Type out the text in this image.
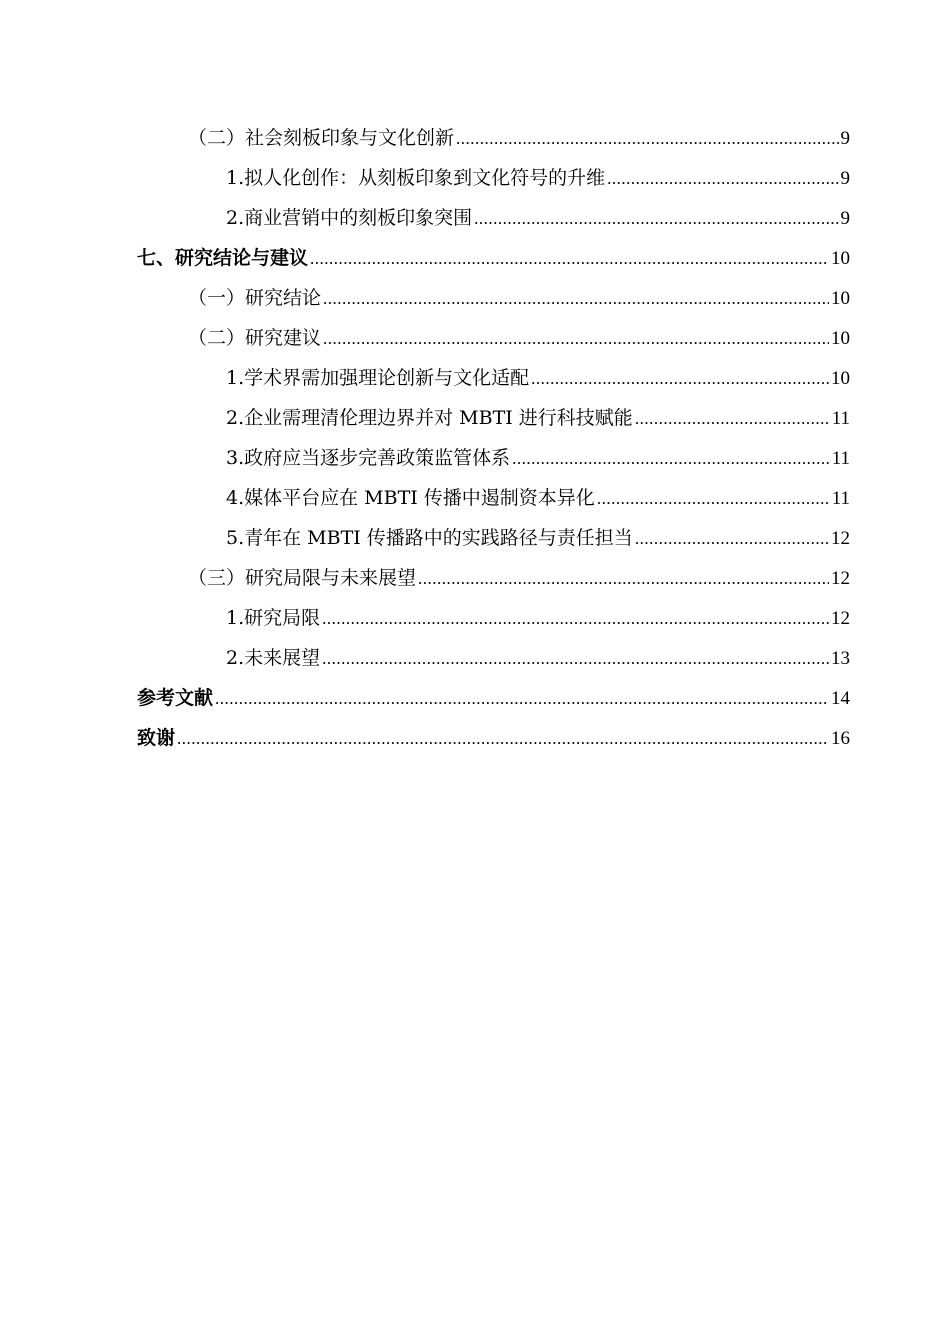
（二）社会刻板印象与文化创新 .....	9
1.拟人化创作：从刻板印象到文化符号的升维 .....	9
2.商业营销中的刻板印象突围 .....	9
七、研究结论与建议 .....	10
（一）研究结论 .....	10
（二）研究建议 .....	10
1.学术界需加强理论创新与文化适配 .....	10
2.企业需理清伦理边界并对 MBTI 进行科技赋能 .....	11
3.政府应当逐步完善政策监管体系 .....	11
4.媒体平台应在 MBTI 传播中遏制资本异化 .....	11
5.青年在 MBTI 传播路中的实践路径与责任担当 .....	12
（三）研究局限与未来展望 .....	12
1.研究局限 .....	12
2.未来展望 .....	13
参考文献 .....	14
致谢 .....	16
